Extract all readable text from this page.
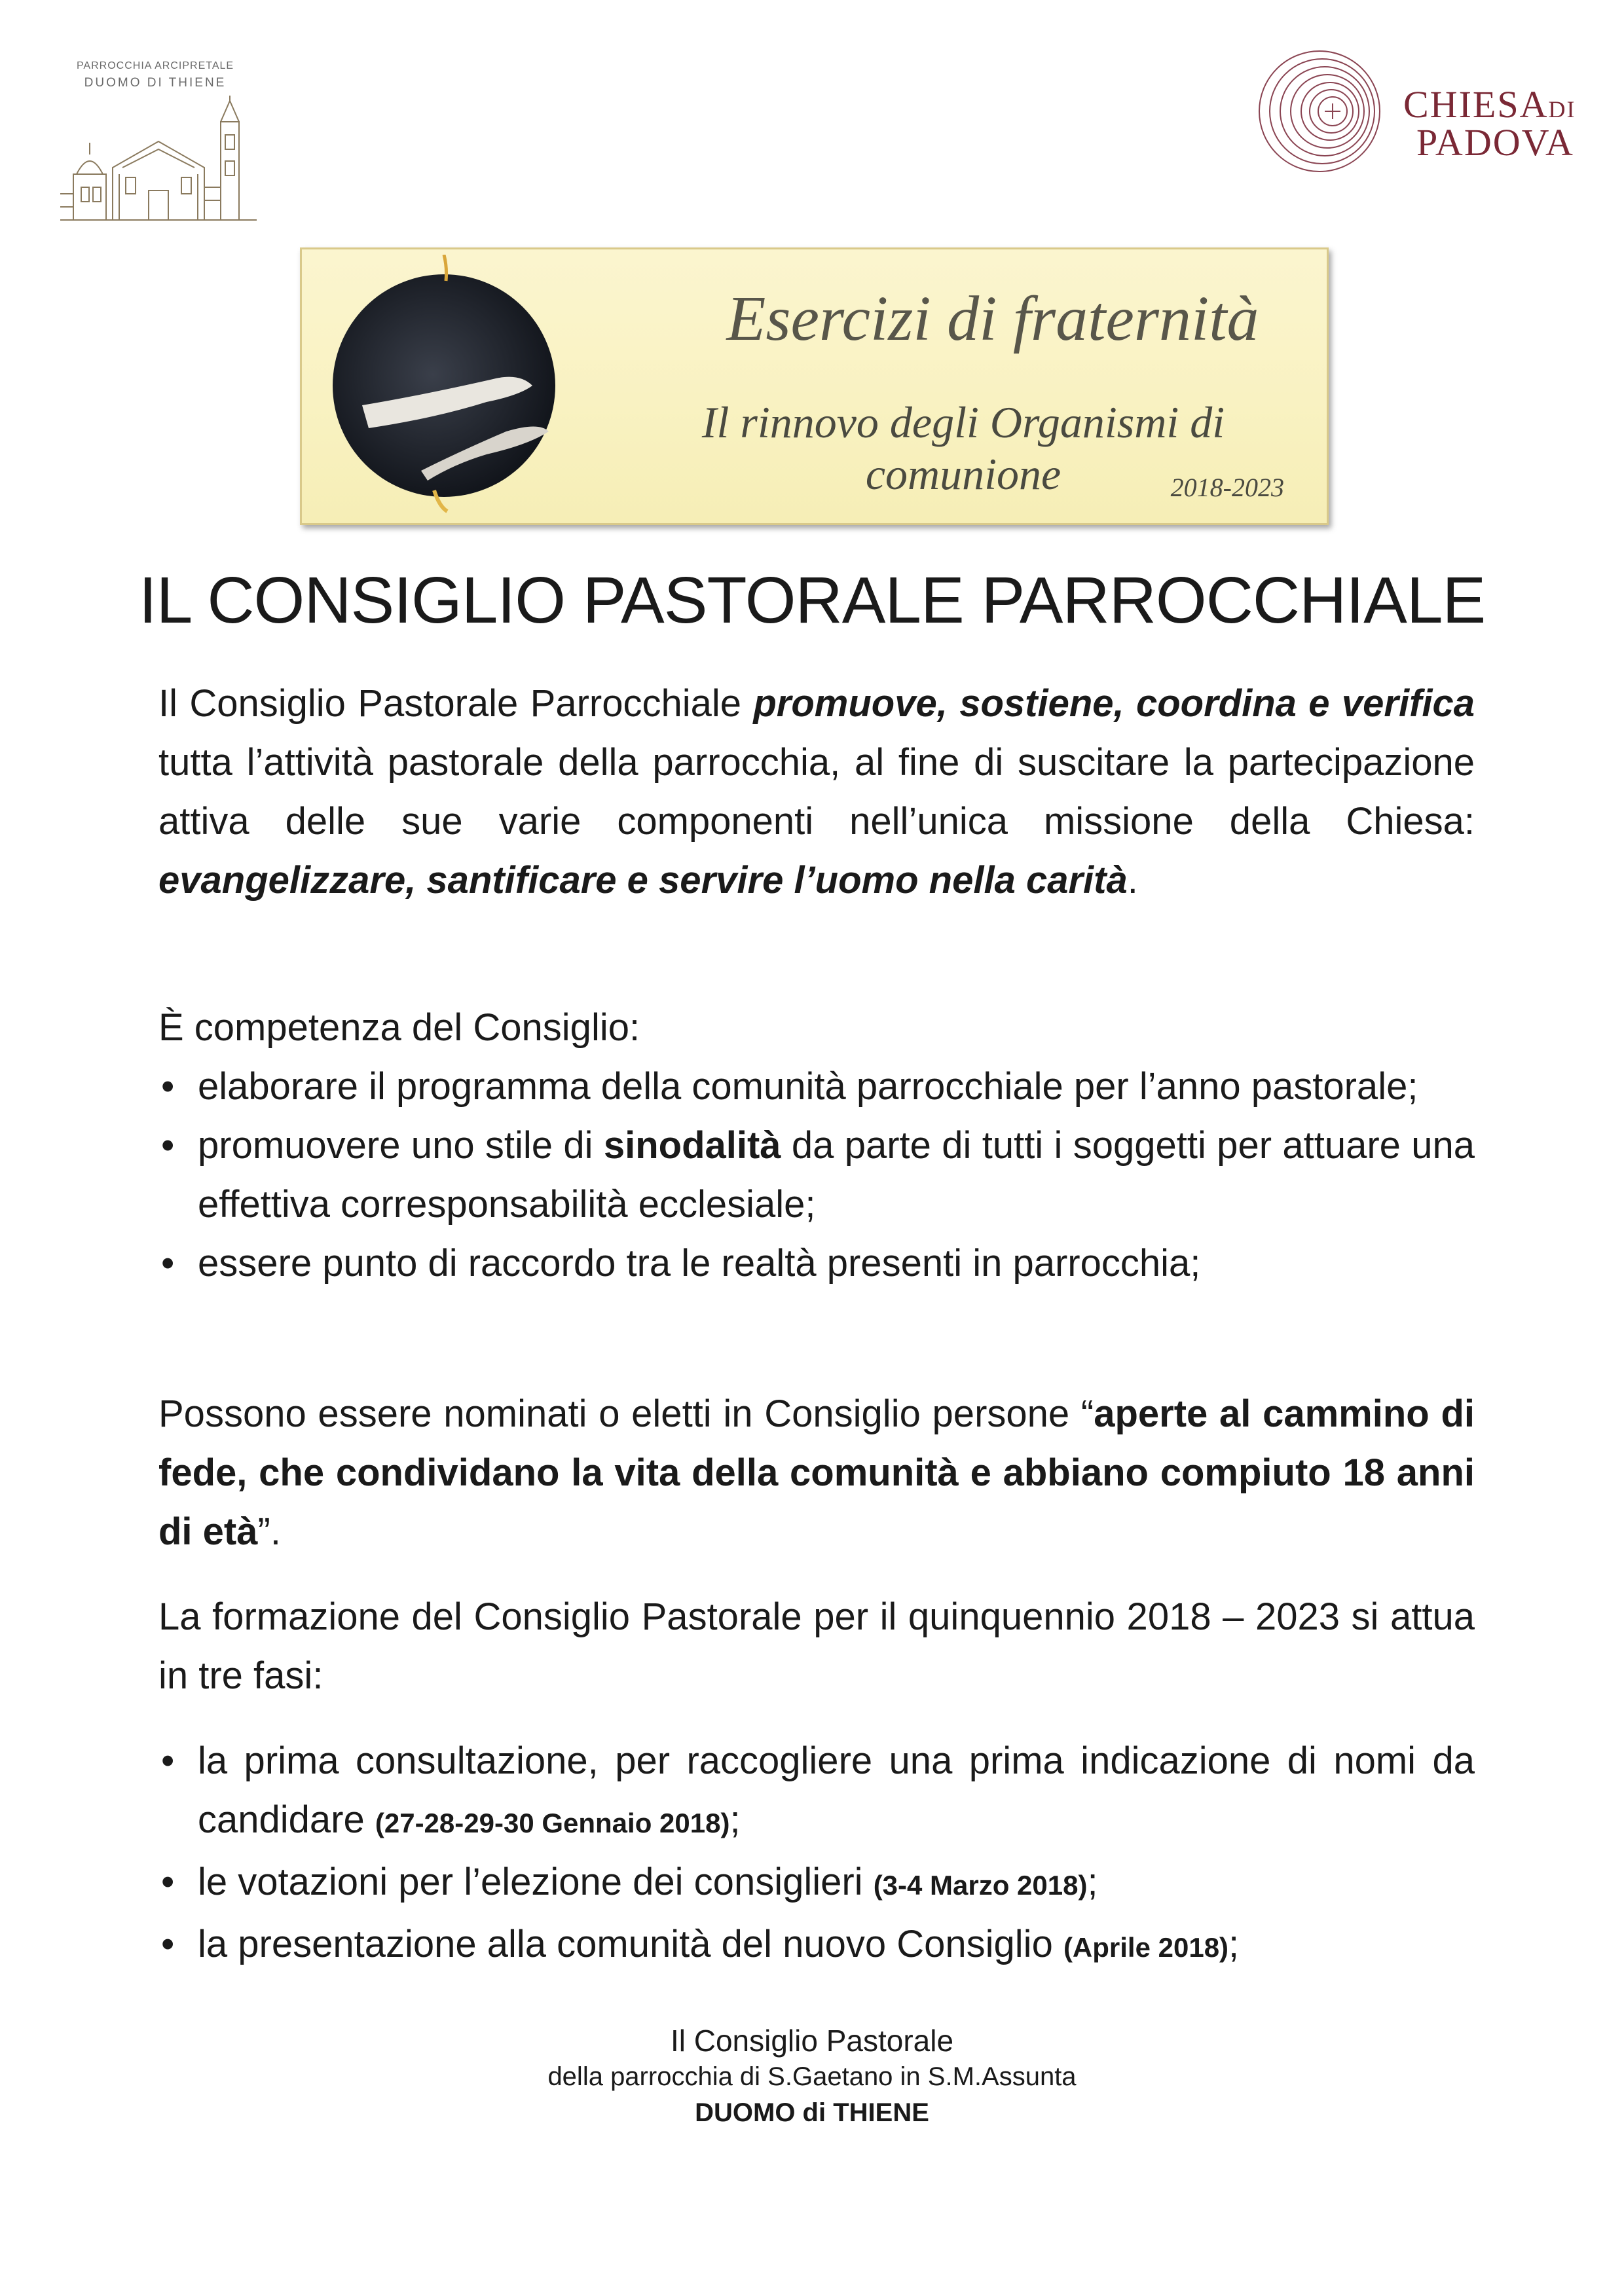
PARROCCHIA ARCIPRETALE
DUOMO DI THIENE
CHIESADI
PADOVA
Esercizi di fraternità
Il rinnovo degli Organismi di comunione	2018-2023
IL CONSIGLIO PASTORALE PARROCCHIALE
Il Consiglio Pastorale Parrocchiale promuove, sostiene, coordina e verifica tutta l’attività pastorale della parrocchia, al fine di suscitare la partecipazione attiva delle sue varie componenti nell’unica missione della Chiesa: evangelizzare, santificare e servire l’uomo nella carità.
È competenza del Consiglio:
• elaborare il programma della comunità parrocchiale per l’anno pastorale;
• promuovere uno stile di sinodalità da parte di tutti i soggetti per attuare una effettiva corresponsabilità ecclesiale;
• essere punto di raccordo tra le realtà presenti in parrocchia;
Possono essere nominati o eletti in Consiglio persone “aperte al cammino di fede, che condividano la vita della comunità e abbiano compiuto 18 anni di età”.
La formazione del Consiglio Pastorale per il quinquennio 2018 – 2023 si attua in tre fasi:
• la prima consultazione, per raccogliere una prima indicazione di nomi da candidare (27-28-29-30 Gennaio 2018);
• le votazioni per l’elezione dei consiglieri (3-4 Marzo 2018);
• la presentazione alla comunità del nuovo Consiglio (Aprile 2018);
Il Consiglio Pastorale
della parrocchia di S.Gaetano in S.M.Assunta
DUOMO di THIENE
